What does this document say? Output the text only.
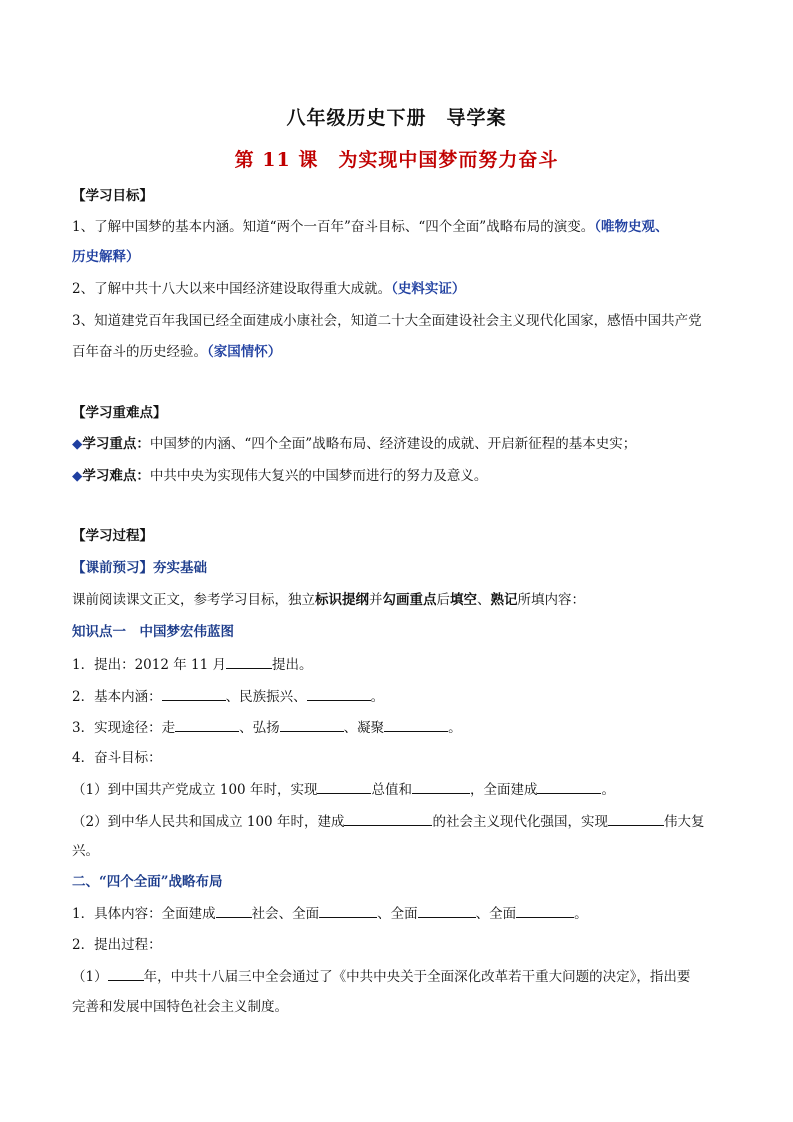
八年级历史下册　导学案
第 11 课　为实现中国梦而努力奋斗
【学习目标】
1、了解中国梦的基本内涵。知道“两个一百年”奋斗目标、“四个全面”战略布局的演变。（唯物史观、
历史解释）
2、了解中共十八大以来中国经济建设取得重大成就。（史料实证）
3、知道建党百年我国已经全面建成小康社会，知道二十大全面建设社会主义现代化国家，感悟中国共产党
百年奋斗的历史经验。（家国情怀）
【学习重难点】
◆学习重点：中国梦的内涵、“四个全面”战略布局、经济建设的成就、开启新征程的基本史实；
◆学习难点：中共中央为实现伟大复兴的中国梦而进行的努力及意义。
【学习过程】
【课前预习】夯实基础
课前阅读课文正文，参考学习目标，独立标识提纲并勾画重点后填空、熟记所填内容：
知识点一　中国梦宏伟蓝图
1．提出：2012 年 11 月	提出。
2．基本内涵：	、民族振兴、	。
3．实现途径：走	、弘扬	、凝聚	。
4．奋斗目标：
（1）到中国共产党成立 100 年时，实现	总值和	，全面建成	。
（2）到中华人民共和国成立 100 年时，建成	的社会主义现代化强国，实现	伟大复
兴。
二、“四个全面”战略布局
1．具体内容：全面建成	社会、全面	、全面	、全面	。
2．提出过程：
（1）	年，中共十八届三中全会通过了《中共中央关于全面深化改革若干重大问题的决定》，指出要
完善和发展中国特色社会主义制度。
